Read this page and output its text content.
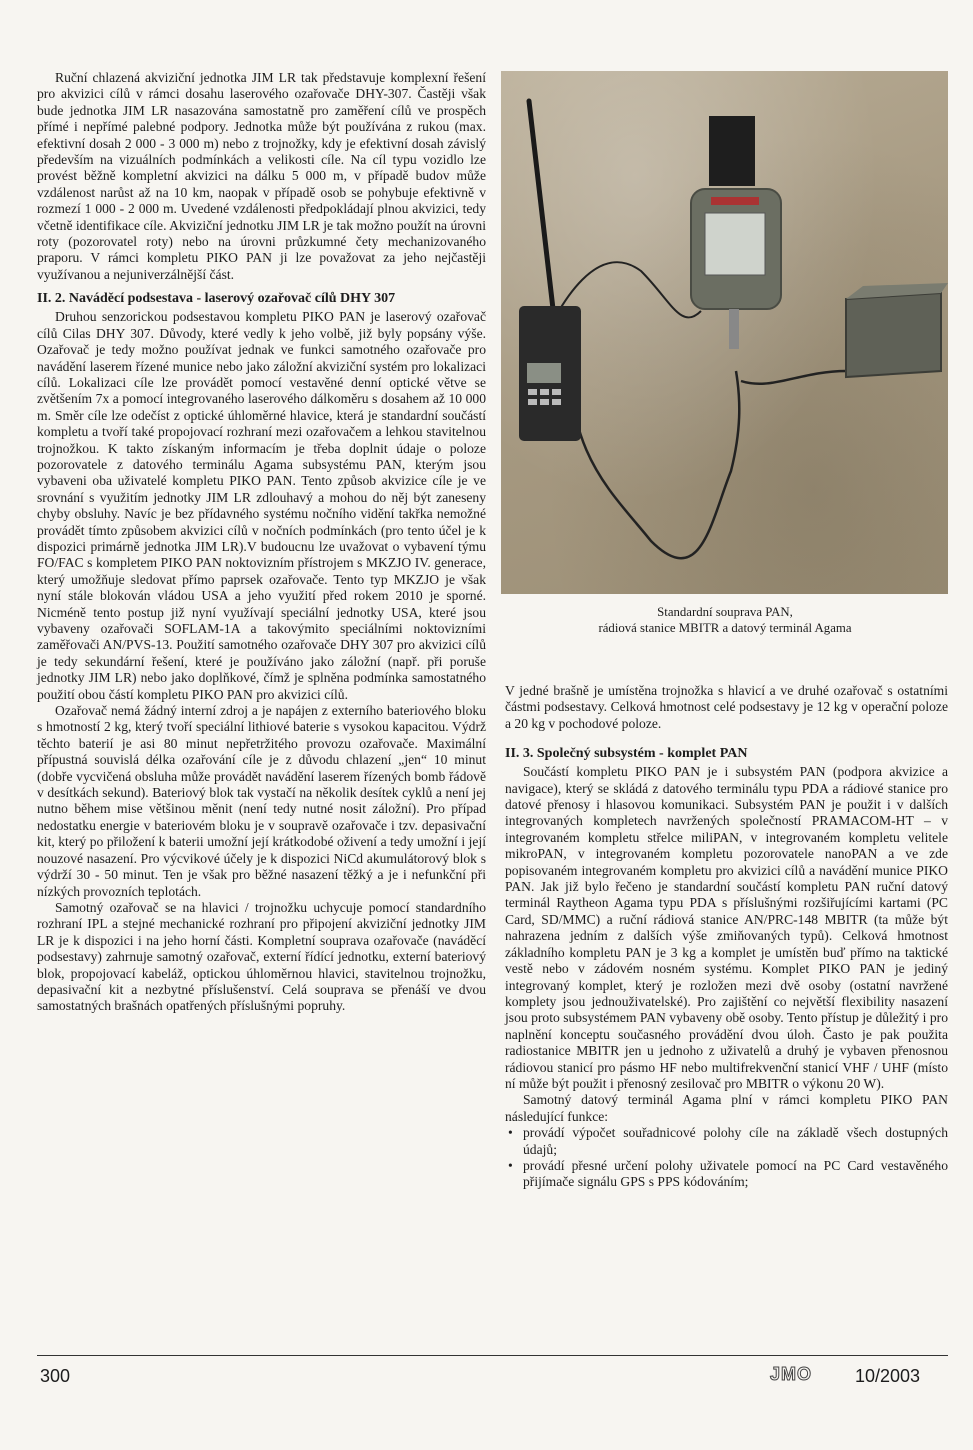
Ruční chlazená akviziční jednotka JIM LR tak představuje komplexní řešení pro akvizici cílů v rámci dosahu laserového ozařovače DHY-307. Častěji však bude jednotka JIM LR nasazována samostatně pro zaměření cílů ve prospěch přímé i nepřímé palebné podpory. Jednotka může být používána z rukou (max. efektivní dosah 2 000 - 3 000 m) nebo z trojnožky, kdy je efektivní dosah závislý především na vizuálních podmínkách a velikosti cíle. Na cíl typu vozidlo lze provést běžně kompletní akvizici na dálku 5 000 m, v případě budov může vzdálenost narůst až na 10 km, naopak v případě osob se pohybuje efektivně v rozmezí 1 000 - 2 000 m. Uvedené vzdálenosti předpokládají plnou akvizici, tedy včetně identifikace cíle. Akviziční jednotku JIM LR je tak možno použít na úrovni roty (pozorovatel roty) nebo na úrovni průzkumné čety mechanizovaného praporu. V rámci kompletu PIKO PAN ji lze považovat za jeho nejčastěji využívanou a nejuniverzálnější část.

II. 2. Naváděcí podsestava - laserový ozařovač cílů DHY 307

Druhou senzorickou podsestavou kompletu PIKO PAN je laserový ozařovač cílů Cilas DHY 307. Důvody, které vedly k jeho volbě, již byly popsány výše. Ozařovač je tedy možno používat jednak ve funkci samotného ozařovače pro navádění laserem řízené munice nebo jako záložní akviziční systém pro lokalizaci cílů. Lokalizaci cíle lze provádět pomocí vestavěné denní optické větve se zvětšením 7x a pomocí integrovaného laserového dálkoměru s dosahem až 10 000 m. Směr cíle lze odečíst z optické úhloměrné hlavice, která je standardní součástí kompletu a tvoří také propojovací rozhraní mezi ozařovačem a lehkou stavitelnou trojnožkou. K takto získaným informacím je třeba doplnit údaje o poloze pozorovatele z datového terminálu Agama subsystému PAN, kterým jsou vybaveni oba uživatelé kompletu PIKO PAN. Tento způsob akvizice cíle je ve srovnání s využitím jednotky JIM LR zdlouhavý a mohou do něj být zaneseny chyby obsluhy. Navíc je bez přídavného systému nočního vidění takřka nemožné provádět tímto způsobem akvizici cílů v nočních podmínkách (pro tento účel je k dispozici primárně jednotka JIM LR).V budoucnu lze uvažovat o vybavení týmu FO/FAC s kompletem PIKO PAN noktovizním přístrojem s MKZJO IV. generace, který umožňuje sledovat přímo paprsek ozařovače. Tento typ MKZJO je však nyní stále blokován vládou USA a jeho využití před rokem 2010 je sporné. Nicméně tento postup již nyní využívají speciální jednotky USA, které jsou vybaveny ozařovači SOFLAM-1A a takovýmito speciálními noktovizními zaměřovači AN/PVS-13. Použití samotného ozařovače DHY 307 pro akvizici cílů je tedy sekundární řešení, které je používáno jako záložní (např. při poruše jednotky JIM LR) nebo jako doplňkové, čímž je splněna podmínka samostatného použití obou částí kompletu PIKO PAN pro akvizici cílů.

Ozařovač nemá žádný interní zdroj a je napájen z externího bateriového bloku s hmotností 2 kg, který tvoří speciální lithiové baterie s vysokou kapacitou. Výdrž těchto baterií je asi 80 minut nepřetržitého provozu ozařovače. Maximální přípustná souvislá délka ozařování cíle je z důvodu chlazení „jen“ 10 minut (dobře vycvičená obsluha může provádět navádění laserem řízených bomb řádově v desítkách sekund). Bateriový blok tak vystačí na několik desítek cyklů a není jej nutno během mise většinou měnit (není tedy nutné nosit záložní). Pro případ nedostatku energie v bateriovém bloku je v soupravě ozařovače i tzv. depasivační kit, který po přiložení k baterii umožní její krátkodobé oživení a tedy umožní i její nouzové nasazení. Pro výcvikové účely je k dispozici NiCd akumulátorový blok s výdrží 30 - 50 minut. Ten je však pro běžné nasazení těžký a je i nefunkční při nízkých provozních teplotách.

Samotný ozařovač se na hlavici / trojnožku uchycuje pomocí standardního rozhraní IPL a stejné mechanické rozhraní pro připojení akviziční jednotky JIM LR je k dispozici i na jeho horní části. Kompletní souprava ozařovače (naváděcí podsestavy) zahrnuje samotný ozařovač, externí řídící jednotku, externí bateriový blok, propojovací kabeláž, optickou úhloměrnou hlavici, stavitelnou trojnožku, depasivační kit a nezbytné příslušenství. Celá souprava se přenáší ve dvou samostatných brašnách opatřených příslušnými popruhy.

Standardní souprava PAN,
rádiová stanice MBITR a datový terminál Agama

V jedné brašně je umístěna trojnožka s hlavicí a ve druhé ozařovač s ostatními částmi podsestavy. Celková hmotnost celé podsestavy je 12 kg v operační poloze a 20 kg v pochodové poloze.

II. 3. Společný subsystém - komplet PAN

Součástí kompletu PIKO PAN je i subsystém PAN (podpora akvizice a navigace), který se skládá z datového terminálu typu PDA a rádiové stanice pro datové přenosy i hlasovou komunikaci. Subsystém PAN je použit i v dalších integrovaných kompletech navržených společností PRAMACOM-HT – v integrovaném kompletu střelce miliPAN, v integrovaném kompletu velitele mikroPAN, v integrovaném kompletu pozorovatele nanoPAN a ve zde popisovaném integrovaném kompletu pro akvizici cílů a navádění munice PIKO PAN. Jak již bylo řečeno je standardní součástí kompletu PAN ruční datový terminál Raytheon Agama typu PDA s příslušnými rozšiřujícími kartami (PC Card, SD/MMC) a ruční rádiová stanice AN/PRC-148 MBITR (ta může být nahrazena jedním z dalších výše zmiňovaných typů). Celková hmotnost základního kompletu PAN je 3 kg a komplet je umístěn buď přímo na taktické vestě nebo v zádovém nosném systému. Komplet PIKO PAN je jediný integrovaný komplet, který je rozložen mezi dvě osoby (ostatní navržené komplety jsou jednouživatelské). Pro zajištění co největší flexibility nasazení jsou proto subsystémem PAN vybaveny obě osoby. Tento přístup je důležitý i pro naplnění konceptu současného provádění dvou úloh. Často je pak použita radiostanice MBITR jen u jednoho z uživatelů a druhý je vybaven přenosnou rádiovou stanicí pro pásmo HF nebo multifrekvenční stanicí VHF / UHF (místo ní může být použit i přenosný zesilovač pro MBITR o výkonu 20 W).

Samotný datový terminál Agama plní v rámci kompletu PIKO PAN následující funkce:

• provádí výpočet souřadnicové polohy cíle na základě všech dostupných údajů;
• provádí přesné určení polohy uživatele pomocí na PC Card vestavěného přijímače signálu GPS s PPS kódováním;
300	JMO 10/2003
